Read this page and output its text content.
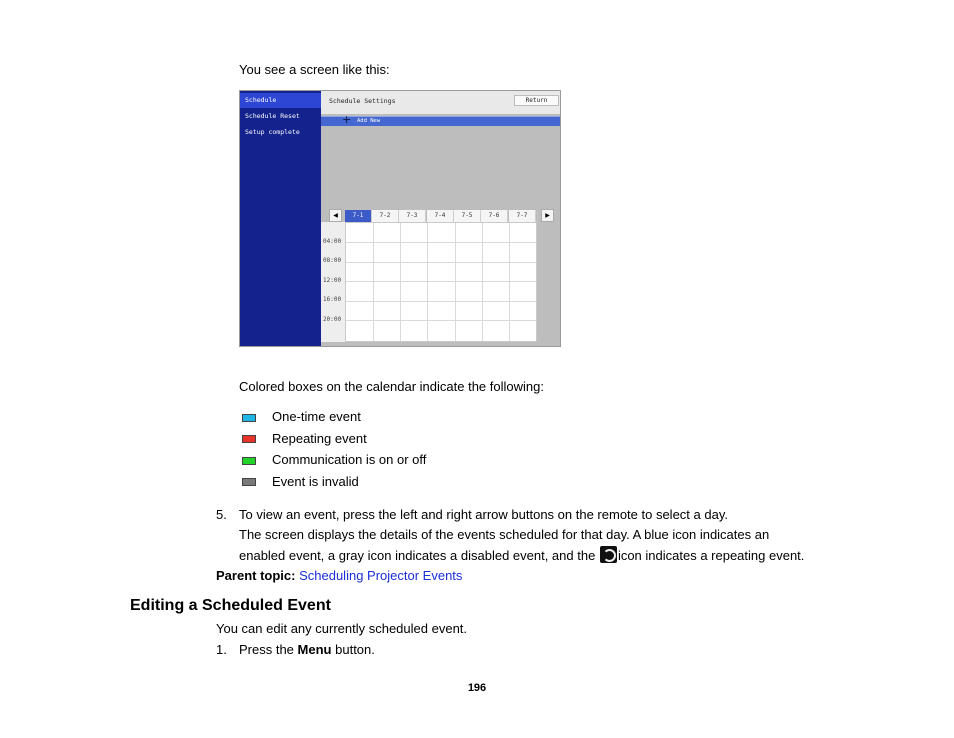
You see a screen like this:
Schedule
Schedule Reset
Setup complete
Schedule Settings	Return
+ Add New
◀	7-1	7-2	7-3	7-4	7-5	7-6	7-7	▶
04:00
08:00
12:00
16:00
20:00
Colored boxes on the calendar indicate the following:
One-time event
Repeating event
Communication is on or off
Event is invalid
5. To view an event, press the left and right arrow buttons on the remote to select a day.
The screen displays the details of the events scheduled for that day. A blue icon indicates an
enabled event, a gray icon indicates a disabled event, and the icon indicates a repeating event.
Parent topic: Scheduling Projector Events
Editing a Scheduled Event
You can edit any currently scheduled event.
1. Press the Menu button.
196
